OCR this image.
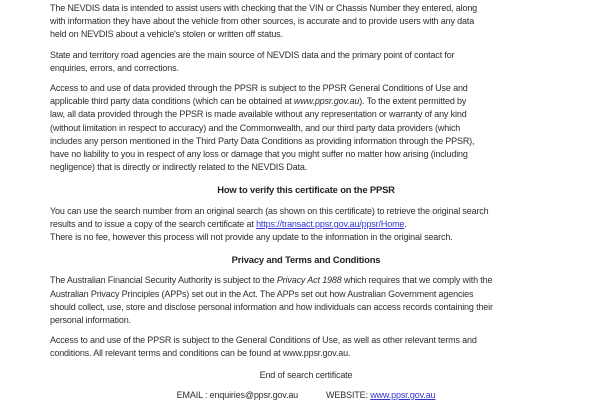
The NEVDIS data is intended to assist users with checking that the VIN or Chassis Number they entered, along
with information they have about the vehicle from other sources, is accurate and to provide users with any data
held on NEVDIS about a vehicle's stolen or written off status.
State and territory road agencies are the main source of NEVDIS data and the primary point of contact for
enquiries, errors, and corrections.
Access to and use of data provided through the PPSR is subject to the PPSR General Conditions of Use and
applicable third party data conditions (which can be obtained at www.ppsr.gov.au). To the extent permitted by
law, all data provided through the PPSR is made available without any representation or warranty of any kind
(without limitation in respect to accuracy) and the Commonwealth, and our third party data providers (which
includes any person mentioned in the Third Party Data Conditions as providing information through the PPSR),
have no liability to you in respect of any loss or damage that you might suffer no matter how arising (including
negligence) that is directly or indirectly related to the NEVDIS Data.
How to verify this certificate on the PPSR
You can use the search number from an original search (as shown on this certificate) to retrieve the original search
results and to issue a copy of the search certificate at https://transact.ppsr.gov.au/ppsr/Home.
There is no fee, however this process will not provide any update to the information in the original search.
Privacy and Terms and Conditions
The Australian Financial Security Authority is subject to the Privacy Act 1988 which requires that we comply with the
Australian Privacy Principles (APPs) set out in the Act. The APPs set out how Australian Government agencies
should collect, use, store and disclose personal information and how individuals can access records containing their
personal information.
Access to and use of the PPSR is subject to the General Conditions of Use, as well as other relevant terms and
conditions. All relevant terms and conditions can be found at www.ppsr.gov.au.
End of search certificate
EMAIL : enquiries@ppsr.gov.au	WEBSITE: www.ppsr.gov.au
